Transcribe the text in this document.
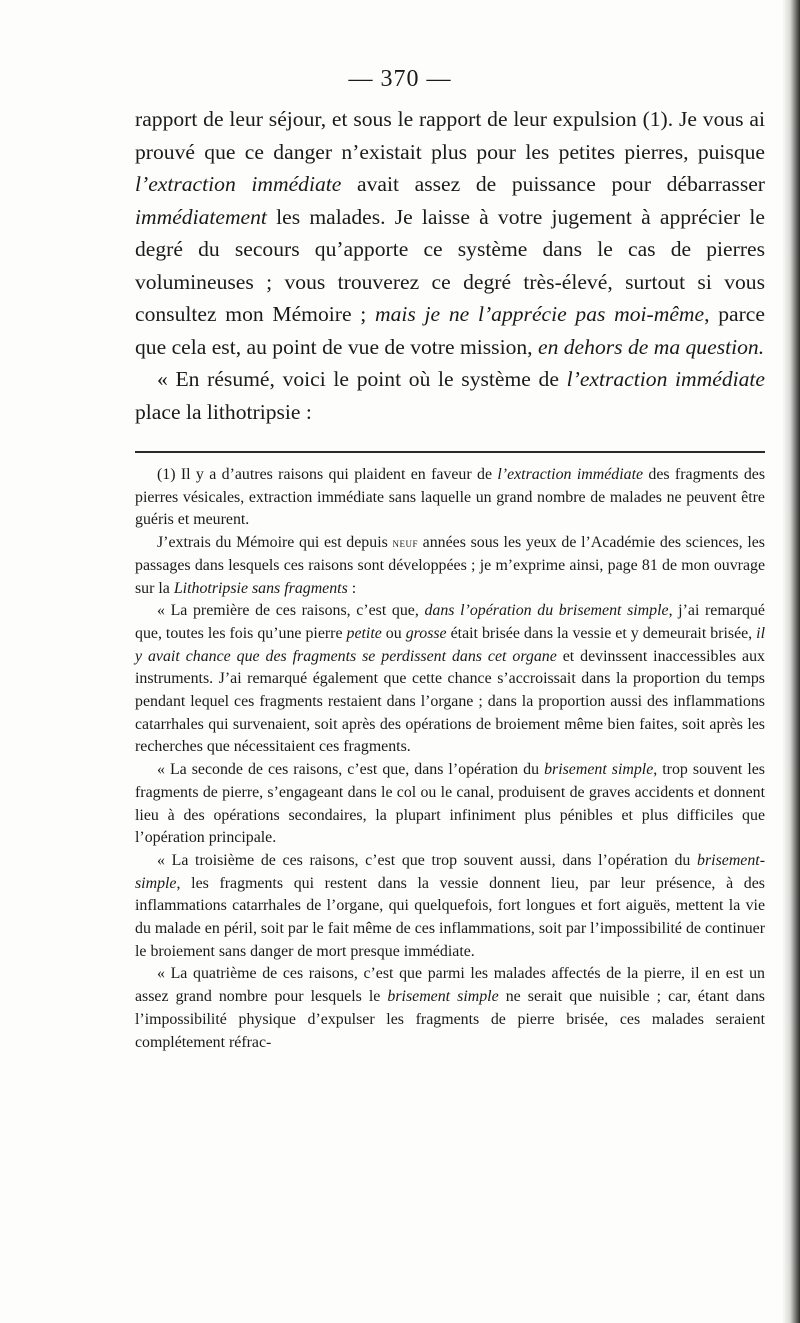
— 370 —

rapport de leur séjour, et sous le rapport de leur expulsion (1). Je vous ai prouvé que ce danger n’existait plus pour les petites pierres, puisque l’extraction immédiate avait assez de puissance pour débarrasser immédiatement les malades. Je laisse à votre jugement à apprécier le degré du secours qu’apporte ce système dans le cas de pierres volumineuses ; vous trouverez ce degré très-élevé, surtout si vous consultez mon Mémoire ; mais je ne l’apprécie pas moi-même, parce que cela est, au point de vue de votre mission, en dehors de ma question.

« En résumé, voici le point où le système de l’extraction immédiate place la lithotripsie :

(1) Il y a d’autres raisons qui plaident en faveur de l’extraction immédiate des fragments des pierres vésicales, extraction immédiate sans laquelle un grand nombre de malades ne peuvent être guéris et meurent.

J’extrais du Mémoire qui est depuis neuf années sous les yeux de l’Académie des sciences, les passages dans lesquels ces raisons sont développées ; je m’exprime ainsi, page 81 de mon ouvrage sur la Lithotripsie sans fragments :

« La première de ces raisons, c’est que, dans l’opération du brisement simple, j’ai remarqué que, toutes les fois qu’une pierre petite ou grosse était brisée dans la vessie et y demeurait brisée, il y avait chance que des fragments se perdissent dans cet organe et devinssent inaccessibles aux instruments. J’ai remarqué également que cette chance s’accroissait dans la proportion du temps pendant lequel ces fragments restaient dans l’organe ; dans la proportion aussi des inflammations catarrhales qui survenaient, soit après des opérations de broiement même bien faites, soit après les recherches que nécessitaient ces fragments.

« La seconde de ces raisons, c’est que, dans l’opération du brisement simple, trop souvent les fragments de pierre, s’engageant dans le col ou le canal, produisent de graves accidents et donnent lieu à des opérations secondaires, la plupart infiniment plus pénibles et plus difficiles que l’opération principale.

« La troisième de ces raisons, c’est que trop souvent aussi, dans l’opération du brisement-simple, les fragments qui restent dans la vessie donnent lieu, par leur présence, à des inflammations catarrhales de l’organe, qui quelquefois, fort longues et fort aiguës, mettent la vie du malade en péril, soit par le fait même de ces inflammations, soit par l’impossibilité de continuer le broiement sans danger de mort presque immédiate.

« La quatrième de ces raisons, c’est que parmi les malades affectés de la pierre, il en est un assez grand nombre pour lesquels le brisement simple ne serait que nuisible ; car, étant dans l’impossibilité physique d’expulser les fragments de pierre brisée, ces malades seraient complétement réfrac-
